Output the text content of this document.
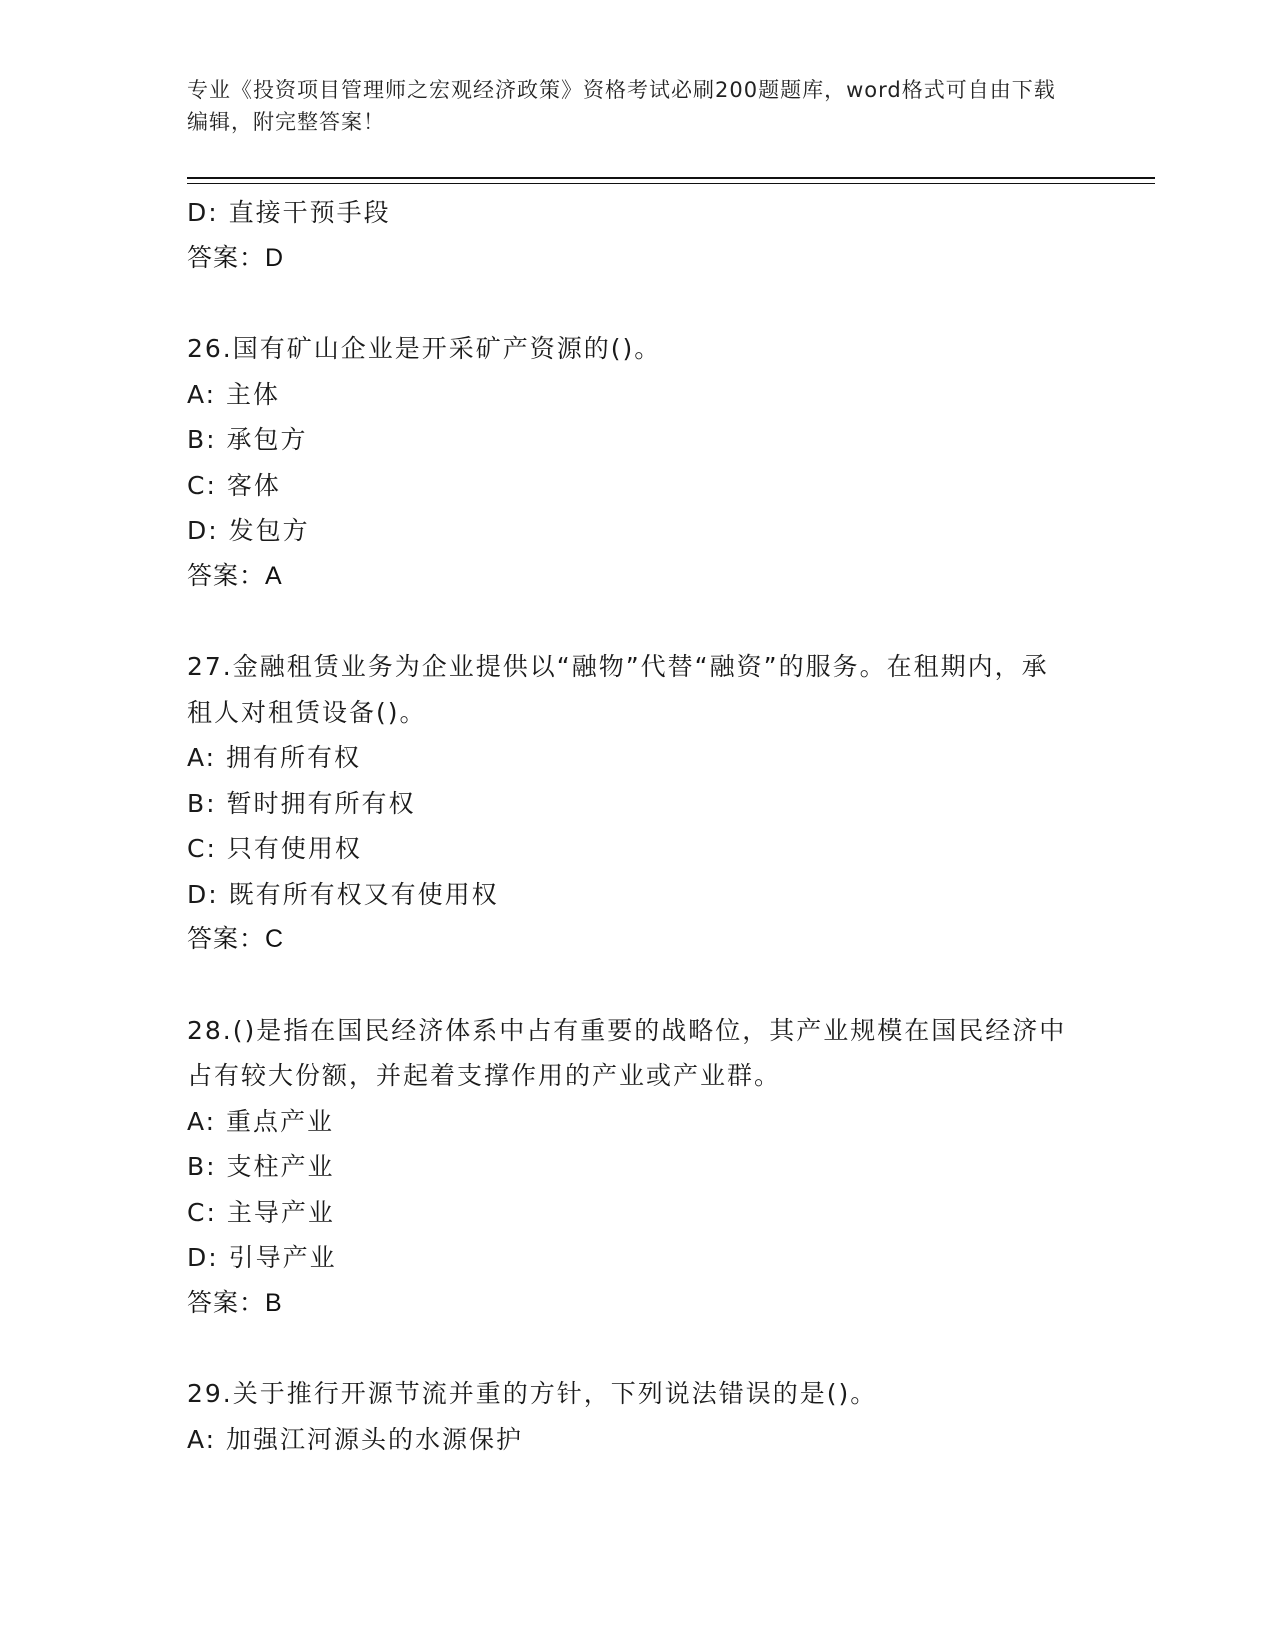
专业《投资项目管理师之宏观经济政策》资格考试必刷200题题库，word格式可自由下载编辑，附完整答案！
D: 直接干预手段
答案：D
26.国有矿山企业是开采矿产资源的()。
A: 主体
B: 承包方
C: 客体
D: 发包方
答案：A
27.金融租赁业务为企业提供以“融物”代替“融资”的服务。在租期内，承租人对租赁设备()。
A: 拥有所有权
B: 暂时拥有所有权
C: 只有使用权
D: 既有所有权又有使用权
答案：C
28.()是指在国民经济体系中占有重要的战略位，其产业规模在国民经济中占有较大份额，并起着支撑作用的产业或产业群。
A: 重点产业
B: 支柱产业
C: 主导产业
D: 引导产业
答案：B
29.关于推行开源节流并重的方针，下列说法错误的是()。
A: 加强江河源头的水源保护
